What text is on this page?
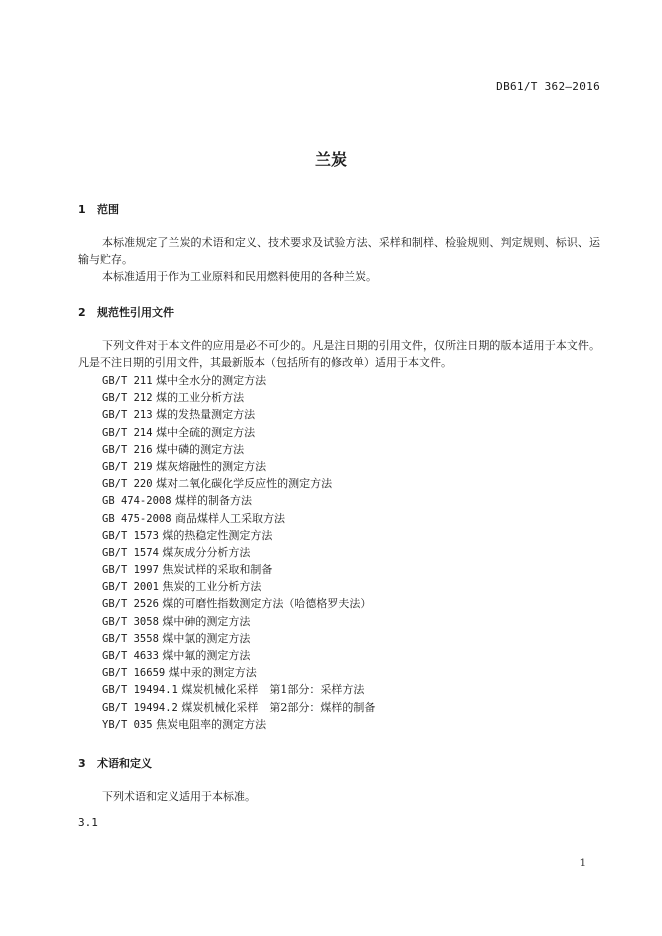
DB61/T 362—2016
兰炭
1 范围
本标准规定了兰炭的术语和定义、技术要求及试验方法、采样和制样、检验规则、判定规则、标识、运输与贮存。
本标准适用于作为工业原料和民用燃料使用的各种兰炭。
2 规范性引用文件
下列文件对于本文件的应用是必不可少的。凡是注日期的引用文件，仅所注日期的版本适用于本文件。凡是不注日期的引用文件，其最新版本（包括所有的修改单）适用于本文件。
GB/T 211 煤中全水分的测定方法
GB/T 212 煤的工业分析方法
GB/T 213 煤的发热量测定方法
GB/T 214 煤中全硫的测定方法
GB/T 216 煤中磷的测定方法
GB/T 219 煤灰熔融性的测定方法
GB/T 220 煤对二氧化碳化学反应性的测定方法
GB 474-2008 煤样的制备方法
GB 475-2008 商品煤样人工采取方法
GB/T 1573 煤的热稳定性测定方法
GB/T 1574 煤灰成分分析方法
GB/T 1997 焦炭试样的采取和制备
GB/T 2001 焦炭的工业分析方法
GB/T 2526 煤的可磨性指数测定方法（哈德格罗夫法）
GB/T 3058 煤中砷的测定方法
GB/T 3558 煤中氯的测定方法
GB/T 4633 煤中氟的测定方法
GB/T 16659 煤中汞的测定方法
GB/T 19494.1 煤炭机械化采样　第1部分：采样方法
GB/T 19494.2 煤炭机械化采样　第2部分：煤样的制备
YB/T 035 焦炭电阻率的测定方法
3 术语和定义
下列术语和定义适用于本标准。
3.1
1
